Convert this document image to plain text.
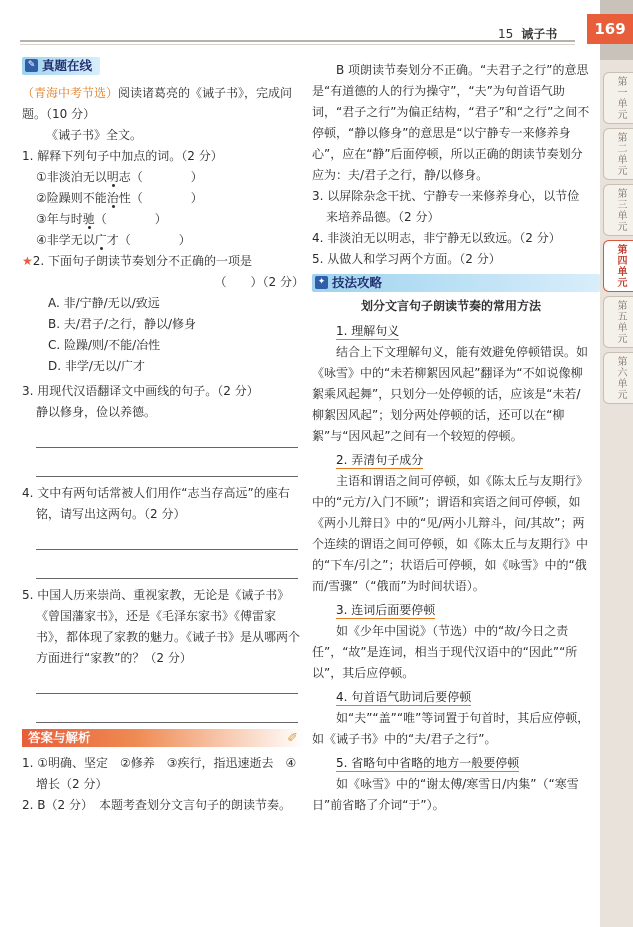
15 诫子书	169
第一单元
第二单元
第三单元
第四单元
第五单元
第六单元
✎ 真题在线

（青海中考节选）阅读诸葛亮的《诫子书》，完成问题。（10 分）

《诫子书》全文。

1. 解释下列句子中加点的词。（2 分）

①非淡泊无以明志（　　　　）

②险躁则不能治性（　　　　）

③年与时驰（　　　　）

④非学无以广才（　　　　）

★2. 下面句子朗读节奏划分不正确的一项是

（　　）（2 分）

A. 非/宁静/无以/致远

B. 夫/君子/之行，静以/修身

C. 险躁/则/不能/冶性

D. 非学/无以/广才

3. 用现代汉语翻译文中画线的句子。（2 分）

静以修身，俭以养德。

4. 文中有两句话常被人们用作“志当存高远”的座右铭，请写出这两句。（2 分）

5. 中国人历来崇尚、重视家教，无论是《诫子书》《曾国藩家书》，还是《毛泽东家书》《傅雷家书》，都体现了家教的魅力。《诫子书》是从哪两个方面进行“家教”的？（2 分）

答案与解析	✐

1. ①明确、坚定　②修养　③疾行，指迅速逝去　④增长（2 分）

2. B（2 分）　本题考查划分文言句子的朗读节奏。

B 项朗读节奏划分不正确。“夫君子之行”的意思是“有道德的人的行为操守”，“夫”为句首语气助词，“君子之行”为偏正结构，“君子”和“之行”之间不停顿，“静以修身”的意思是“以宁静专一来修养身心”，应在“静”后面停顿，所以正确的朗读节奏划分应为：夫/君子之行，静/以修身。

3. 以屏除杂念干扰、宁静专一来修养身心，以节俭来培养品德。（2 分）

4. 非淡泊无以明志，非宁静无以致远。（2 分）

5. 从做人和学习两个方面。（2 分）

✦ 技法攻略

划分文言句子朗读节奏的常用方法

1. 理解句义

结合上下文理解句义，能有效避免停顿错误。如《咏雪》中的“未若柳絮因风起”翻译为“不如说像柳絮乘风起舞”，只划分一处停顿的话，应该是“未若/柳絮因风起”；划分两处停顿的话，还可以在“柳絮”与“因风起”之间有一个较短的停顿。

2. 弄清句子成分

主语和谓语之间可停顿，如《陈太丘与友期行》中的“元方/入门不顾”；谓语和宾语之间可停顿，如《两小儿辩日》中的“见/两小儿辩斗，问/其故”；两个连续的谓语之间可停顿，如《陈太丘与友期行》中的“下车/引之”；状语后可停顿，如《咏雪》中的“俄而/雪骤”（“俄而”为时间状语）。

3. 连词后面要停顿

如《少年中国说》（节选）中的“故/今日之责任”，“故”是连词，相当于现代汉语中的“因此”“所以”，其后应停顿。

4. 句首语气助词后要停顿

如“夫”“盖”“唯”等词置于句首时，其后应停顿，如《诫子书》中的“夫/君子之行”。

5. 省略句中省略的地方一般要停顿

如《咏雪》中的“谢太傅/寒雪日/内集”（“寒雪日”前省略了介词“于”）。
